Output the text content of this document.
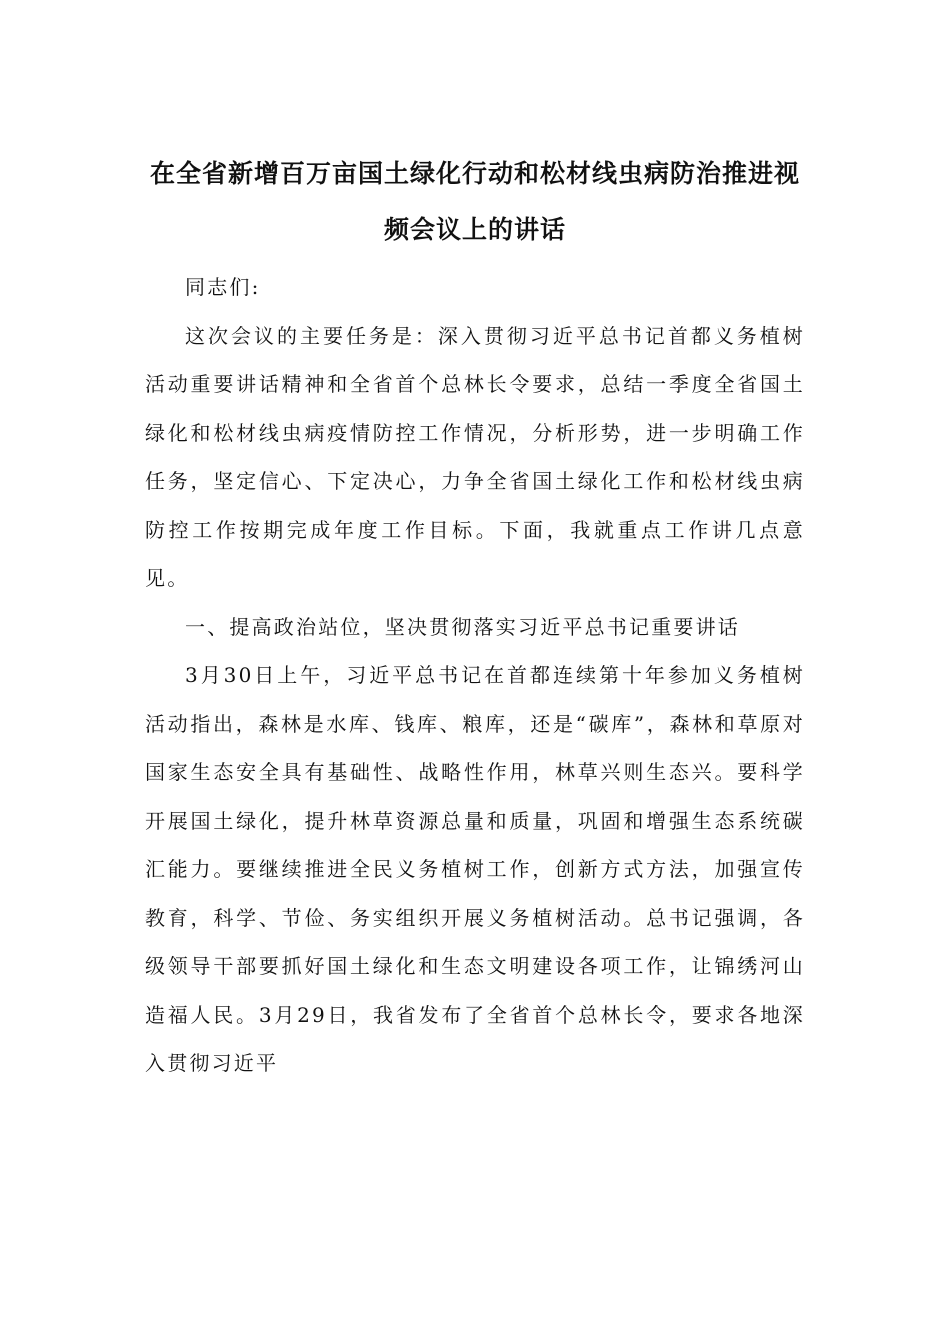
在全省新增百万亩国土绿化行动和松材线虫病防治推进视频会议上的讲话

同志们:

这次会议的主要任务是：深入贯彻习近平总书记首都义务植树活动重要讲话精神和全省首个总林长令要求，总结一季度全省国土绿化和松材线虫病疫情防控工作情况，分析形势，进一步明确工作任务，坚定信心、下定决心，力争全省国土绿化工作和松材线虫病防控工作按期完成年度工作目标。下面，我就重点工作讲几点意见。

一、提高政治站位，坚决贯彻落实习近平总书记重要讲话

3月30日上午，习近平总书记在首都连续第十年参加义务植树活动指出，森林是水库、钱库、粮库，还是“碳库”，森林和草原对国家生态安全具有基础性、战略性作用，林草兴则生态兴。要科学开展国土绿化，提升林草资源总量和质量，巩固和增强生态系统碳汇能力。要继续推进全民义务植树工作，创新方式方法，加强宣传教育，科学、节俭、务实组织开展义务植树活动。总书记强调，各级领导干部要抓好国土绿化和生态文明建设各项工作，让锦绣河山造福人民。3月29日，我省发布了全省首个总林长令，要求各地深入贯彻习近平
